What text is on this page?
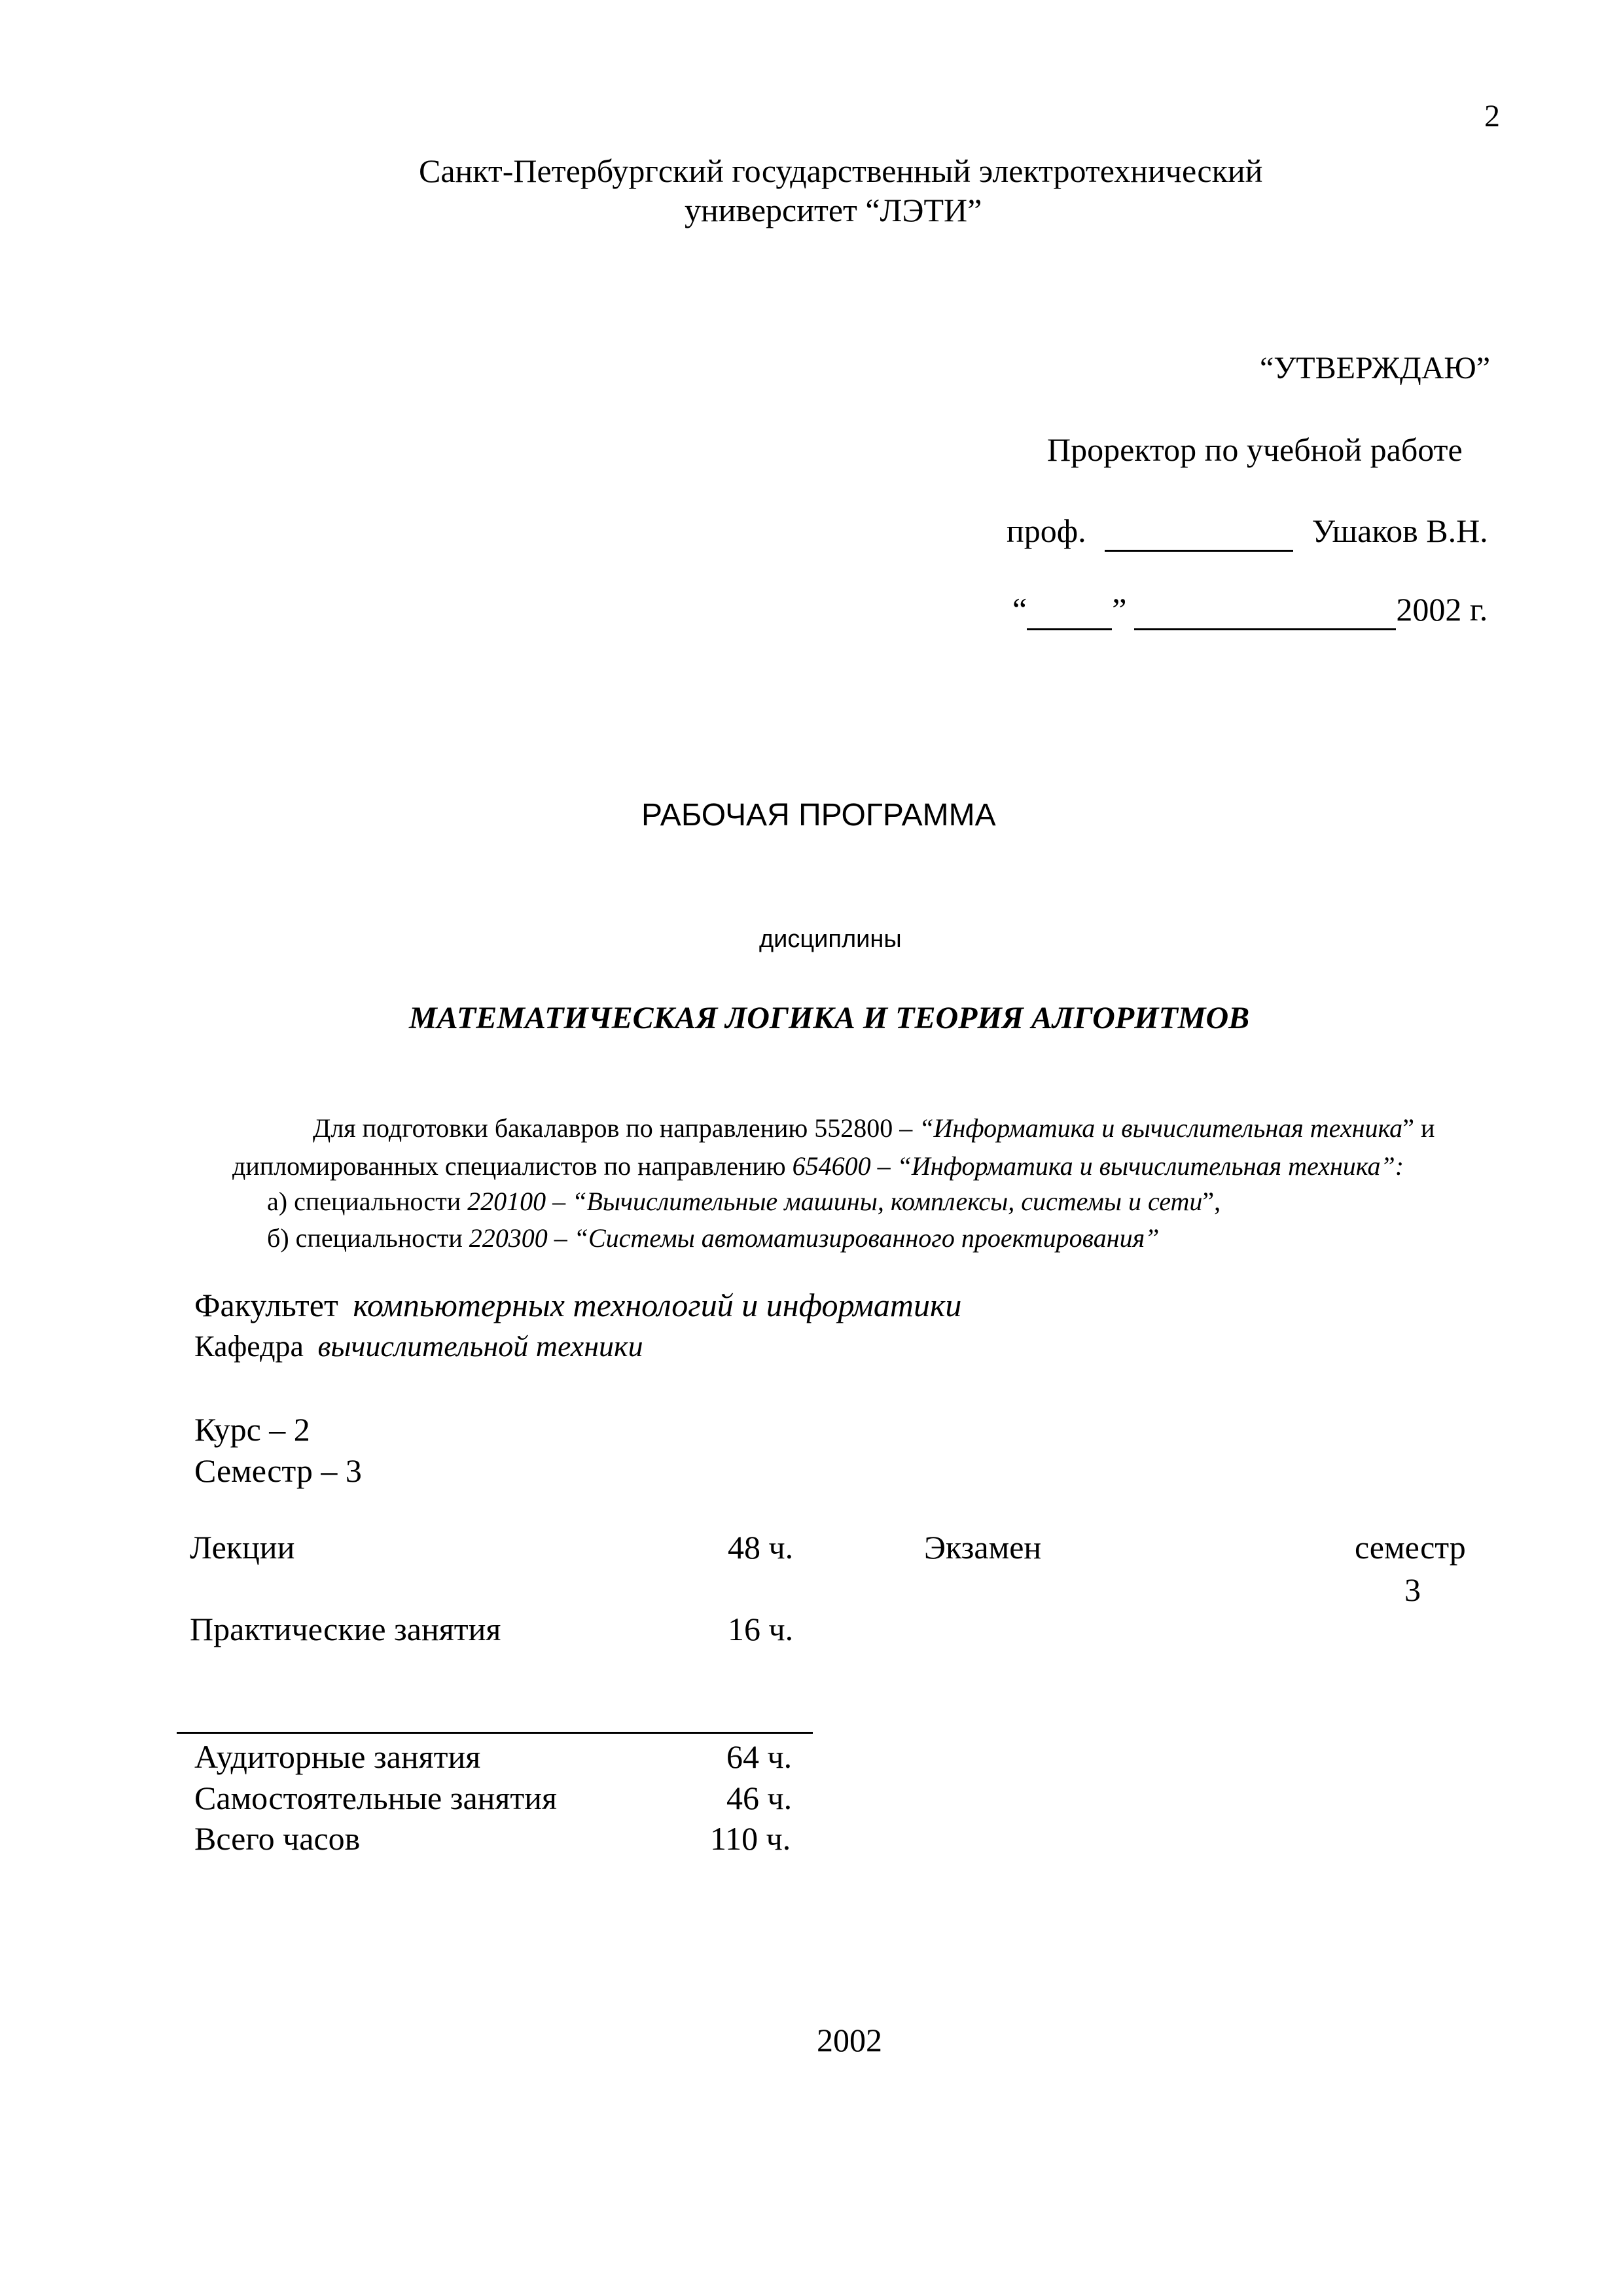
2
Санкт-Петербургский государственный электротехнический
университет “ЛЭТИ”
“УТВЕРЖДАЮ”
Проректор по учебной работе
проф.	Ушаков В.Н.
“	”	2002 г.
РАБОЧАЯ ПРОГРАММА
дисциплины
МАТЕМАТИЧЕСКАЯ ЛОГИКА И ТЕОРИЯ АЛГОРИТМОВ
Для подготовки бакалавров по направлению 552800 – “Информатика и вычислительная техника” и
дипломированных специалистов по направлению 654600 – “Информатика и вычислительная техника”:
а) специальности 220100 – “Вычислительные машины, комплексы, системы и сети”,
б) специальности 220300 – “Системы автоматизированного проектирования”
Факультет компьютерных технологий и информатики
Кафедра вычислительной техники
Курс – 2
Семестр – 3
Лекции	48 ч.	Экзамен	семестр
3
Практические занятия	16 ч.
Аудиторные занятия	64 ч.
Самостоятельные занятия	46 ч.
Всего часов	110 ч.
2002
